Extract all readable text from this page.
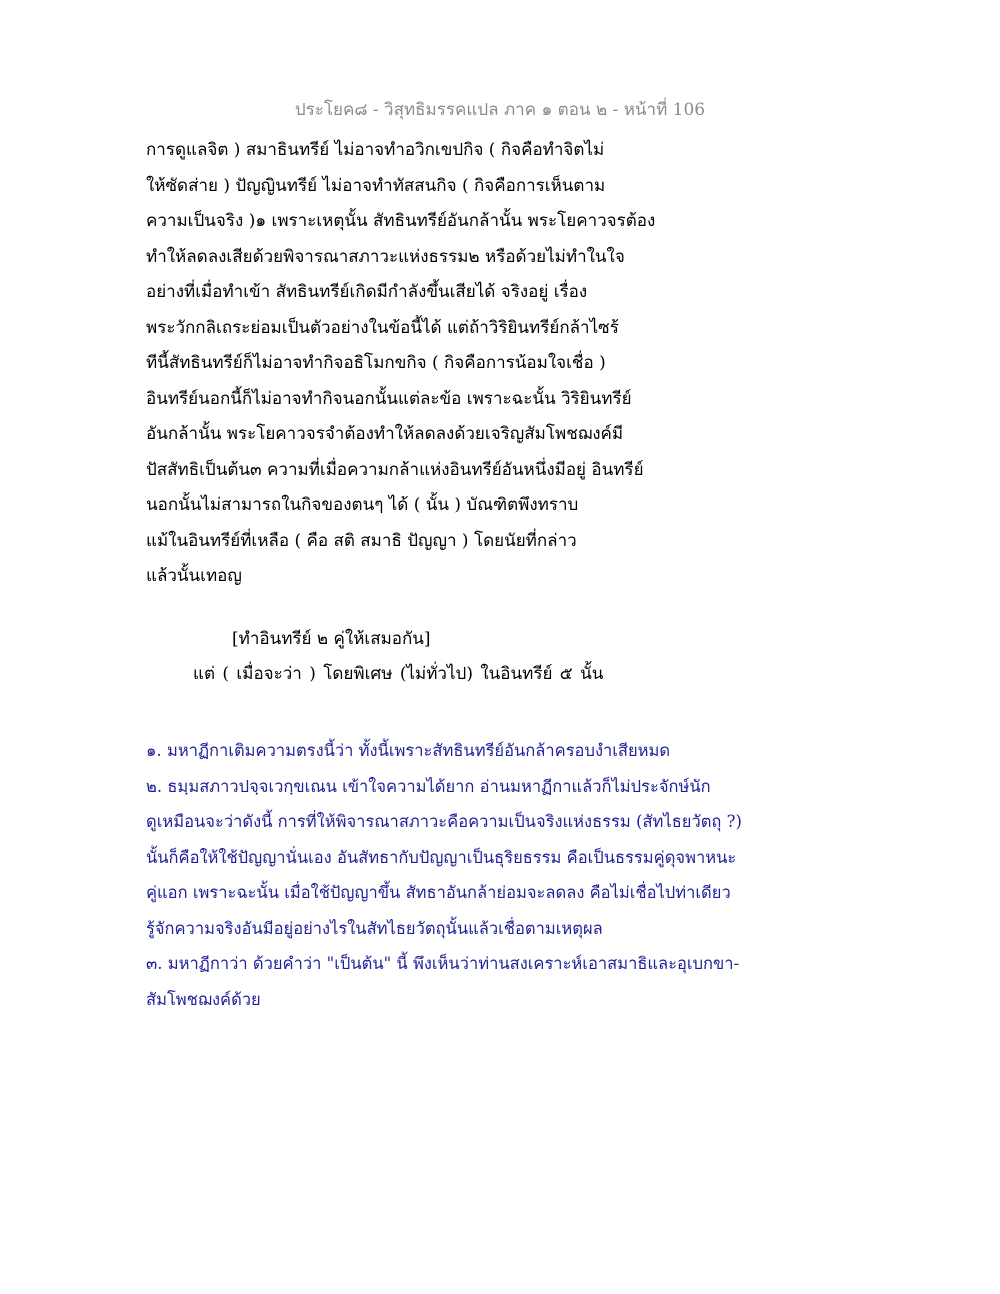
ประโยค๘ - วิสุทธิมรรคแปล ภาค ๑ ตอน ๒ - หน้าที่ 106
การดูแลจิต ) สมาธินทรีย์ ไม่อาจทำอวิกเขปกิจ ( กิจคือทำจิตไม่
ให้ซัดส่าย ) ปัญญินทรีย์ ไม่อาจทำทัสสนกิจ ( กิจคือการเห็นตาม
ความเป็นจริง )๑ เพราะเหตุนั้น สัทธินทรีย์อันกล้านั้น พระโยคาวจรต้อง
ทำให้ลดลงเสียด้วยพิจารณาสภาวะแห่งธรรม๒ หรือด้วยไม่ทำในใจ
อย่างที่เมื่อทำเข้า สัทธินทรีย์เกิดมีกำลังขึ้นเสียได้ จริงอยู่ เรื่อง
พระวักกลิเถระย่อมเป็นตัวอย่างในข้อนี้ได้ แต่ถ้าวิริยินทรีย์กล้าไซร้
ทีนี้สัทธินทรีย์ก็ไม่อาจทำกิจอธิโมกขกิจ ( กิจคือการน้อมใจเชื่อ )
อินทรีย์นอกนี้ก็ไม่อาจทำกิจนอกนั้นแต่ละข้อ เพราะฉะนั้น วิริยินทรีย์
อันกล้านั้น พระโยคาวจรจำต้องทำให้ลดลงด้วยเจริญสัมโพชฌงค์มี
ปัสสัทธิเป็นต้น๓ ความที่เมื่อความกล้าแห่งอินทรีย์อันหนึ่งมีอยู่ อินทรีย์
นอกนั้นไม่สามารถในกิจของตนๆ ได้ ( นั้น ) บัณฑิตพึงทราบ
แม้ในอินทรีย์ที่เหลือ ( คือ สติ สมาธิ ปัญญา ) โดยนัยที่กล่าว
แล้วนั้นเทอญ
[ทำอินทรีย์ ๒ คู่ให้เสมอกัน]
แต่ ( เมื่อจะว่า ) โดยพิเศษ (ไม่ทั่วไป) ในอินทรีย์ ๕ นั้น
๑. มหาฏีกาเติมความตรงนี้ว่า ทั้งนี้เพราะสัทธินทรีย์อันกล้าครอบงำเสียหมด
๒. ธมฺมสภาวปจฺจเวกฺขเณน เข้าใจความได้ยาก อ่านมหาฏีกาแล้วก็ไม่ประจักษ์นัก
ดูเหมือนจะว่าดังนี้ การที่ให้พิจารณาสภาวะคือความเป็นจริงแห่งธรรม (สัทไธยวัตถุ ?)
นั้นก็คือให้ใช้ปัญญานั่นเอง อันสัทธากับปัญญาเป็นธุริยธรรม คือเป็นธรรมคู่ดุจพาหนะ
คู่แอก เพราะฉะนั้น เมื่อใช้ปัญญาขึ้น สัทธาอันกล้าย่อมจะลดลง คือไม่เชื่อไปท่าเดียว
รู้จักความจริงอันมีอยู่อย่างไรในสัทไธยวัตถุนั้นแล้วเชื่อตามเหตุผล
๓. มหาฏีกาว่า ด้วยคำว่า "เป็นต้น" นี้ พึงเห็นว่าท่านสงเคราะห์เอาสมาธิและอุเบกขา-
สัมโพชฌงค์ด้วย
